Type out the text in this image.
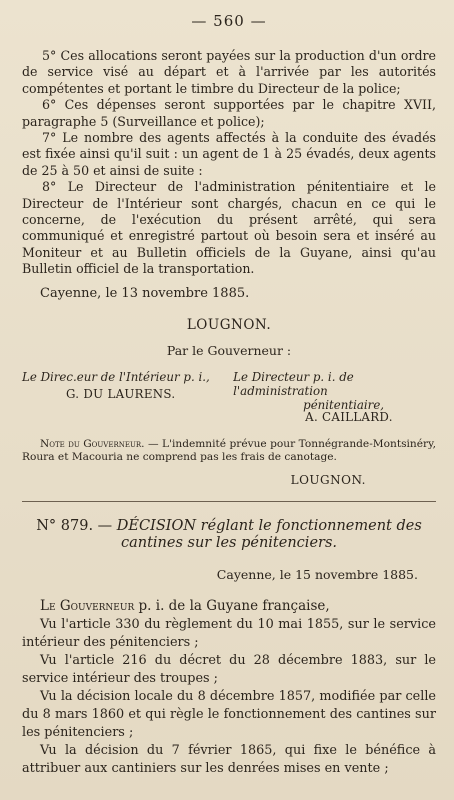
— 560 —

5° Ces allocations seront payées sur la production d'un ordre de service visé au départ et à l'arrivée par les autorités compétentes et portant le timbre du Directeur de la police;

6° Ces dépenses seront supportées par le chapitre XVII, paragraphe 5 (Surveillance et police);

7° Le nombre des agents affectés à la conduite des évadés est fixée ainsi qu'il suit : un agent de 1 à 25 évadés, deux agents de 25 à 50 et ainsi de suite :

8° Le Directeur de l'administration pénitentiaire et le Directeur de l'Intérieur sont chargés, chacun en ce qui le concerne, de l'exécution du présent arrêté, qui sera communiqué et enregistré partout où besoin sera et inséré au Moniteur et au Bulletin officiels de la Guyane, ainsi qu'au Bulletin officiel de la transportation.

Cayenne, le 13 novembre 1885.
LOUGNON.
Par le Gouverneur :
Le Direc.eur de l'Intérieur p. i.,
G. DU LAURENS.
Le Directeur p. i. de l'administration
pénitentiaire,
A. CAILLARD.

Note du Gouverneur. — L'indemnité prévue pour Tonnégrande-Montsinéry, Roura et Macouria ne comprend pas les frais de canotage.

LOUGNON.
N° 879. — DÉCISION réglant le fonctionnement des cantines sur les pénitenciers.
Cayenne, le 15 novembre 1885.

Le Gouverneur p. i. de la Guyane française,

Vu l'article 330 du règlement du 10 mai 1855, sur le service intérieur des pénitenciers ;

Vu l'article 216 du décret du 28 décembre 1883, sur le service intérieur des troupes ;

Vu la décision locale du 8 décembre 1857, modifiée par celle du 8 mars 1860 et qui règle le fonctionnement des cantines sur les pénitenciers ;

Vu la décision du 7 février 1865, qui fixe le bénéfice à attribuer aux cantiniers sur les denrées mises en vente ;
